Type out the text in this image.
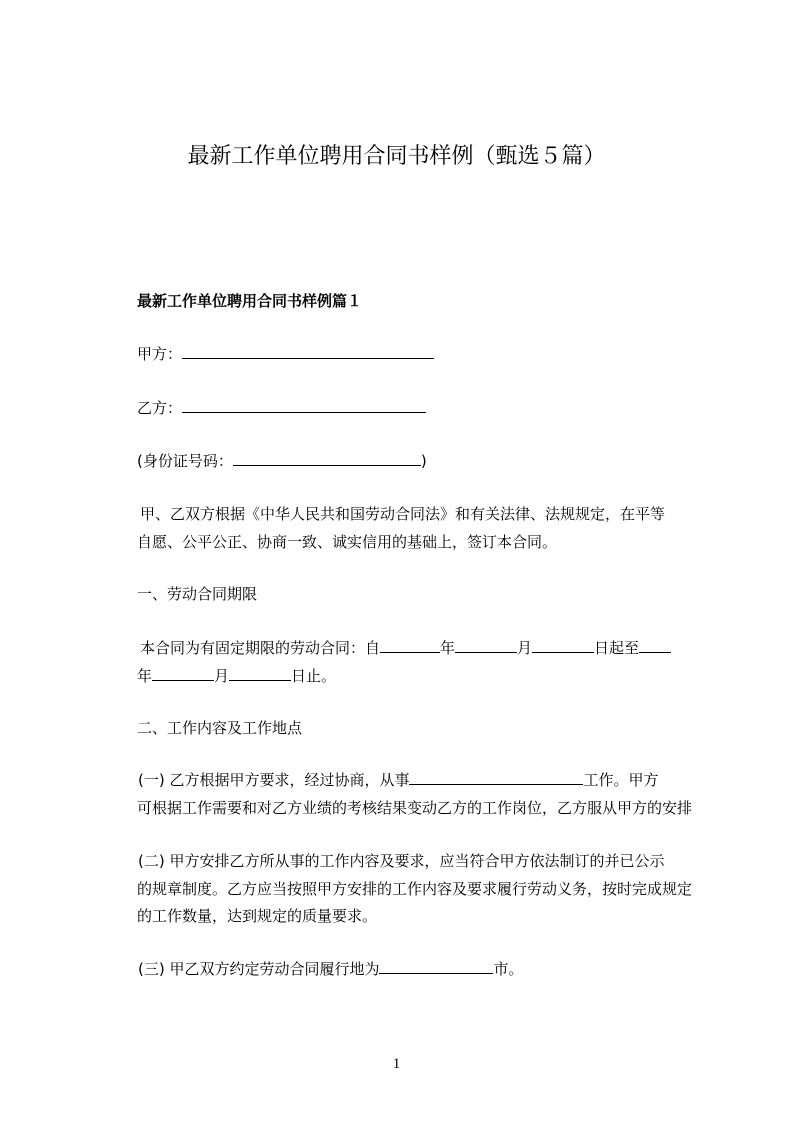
最新工作单位聘用合同书样例（甄选５篇）
最新工作单位聘用合同书样例篇１
甲方：
乙方：
(身份证号码：	)
甲、乙双方根据《中华人民共和国劳动合同法》和有关法律、法规规定，在平等
自愿、公平公正、协商一致、诚实信用的基础上，签订本合同。
一、劳动合同期限
本合同为有固定期限的劳动合同：自	年	月	日起至
年	月	日止。
二、工作内容及工作地点
(一) 乙方根据甲方要求，经过协商，从事	工作。甲方
可根据工作需要和对乙方业绩的考核结果变动乙方的工作岗位，乙方服从甲方的安排
(二) 甲方安排乙方所从事的工作内容及要求，应当符合甲方依法制订的并已公示
的规章制度。乙方应当按照甲方安排的工作内容及要求履行劳动义务，按时完成规定
的工作数量，达到规定的质量要求。
(三) 甲乙双方约定劳动合同履行地为	市。
1
